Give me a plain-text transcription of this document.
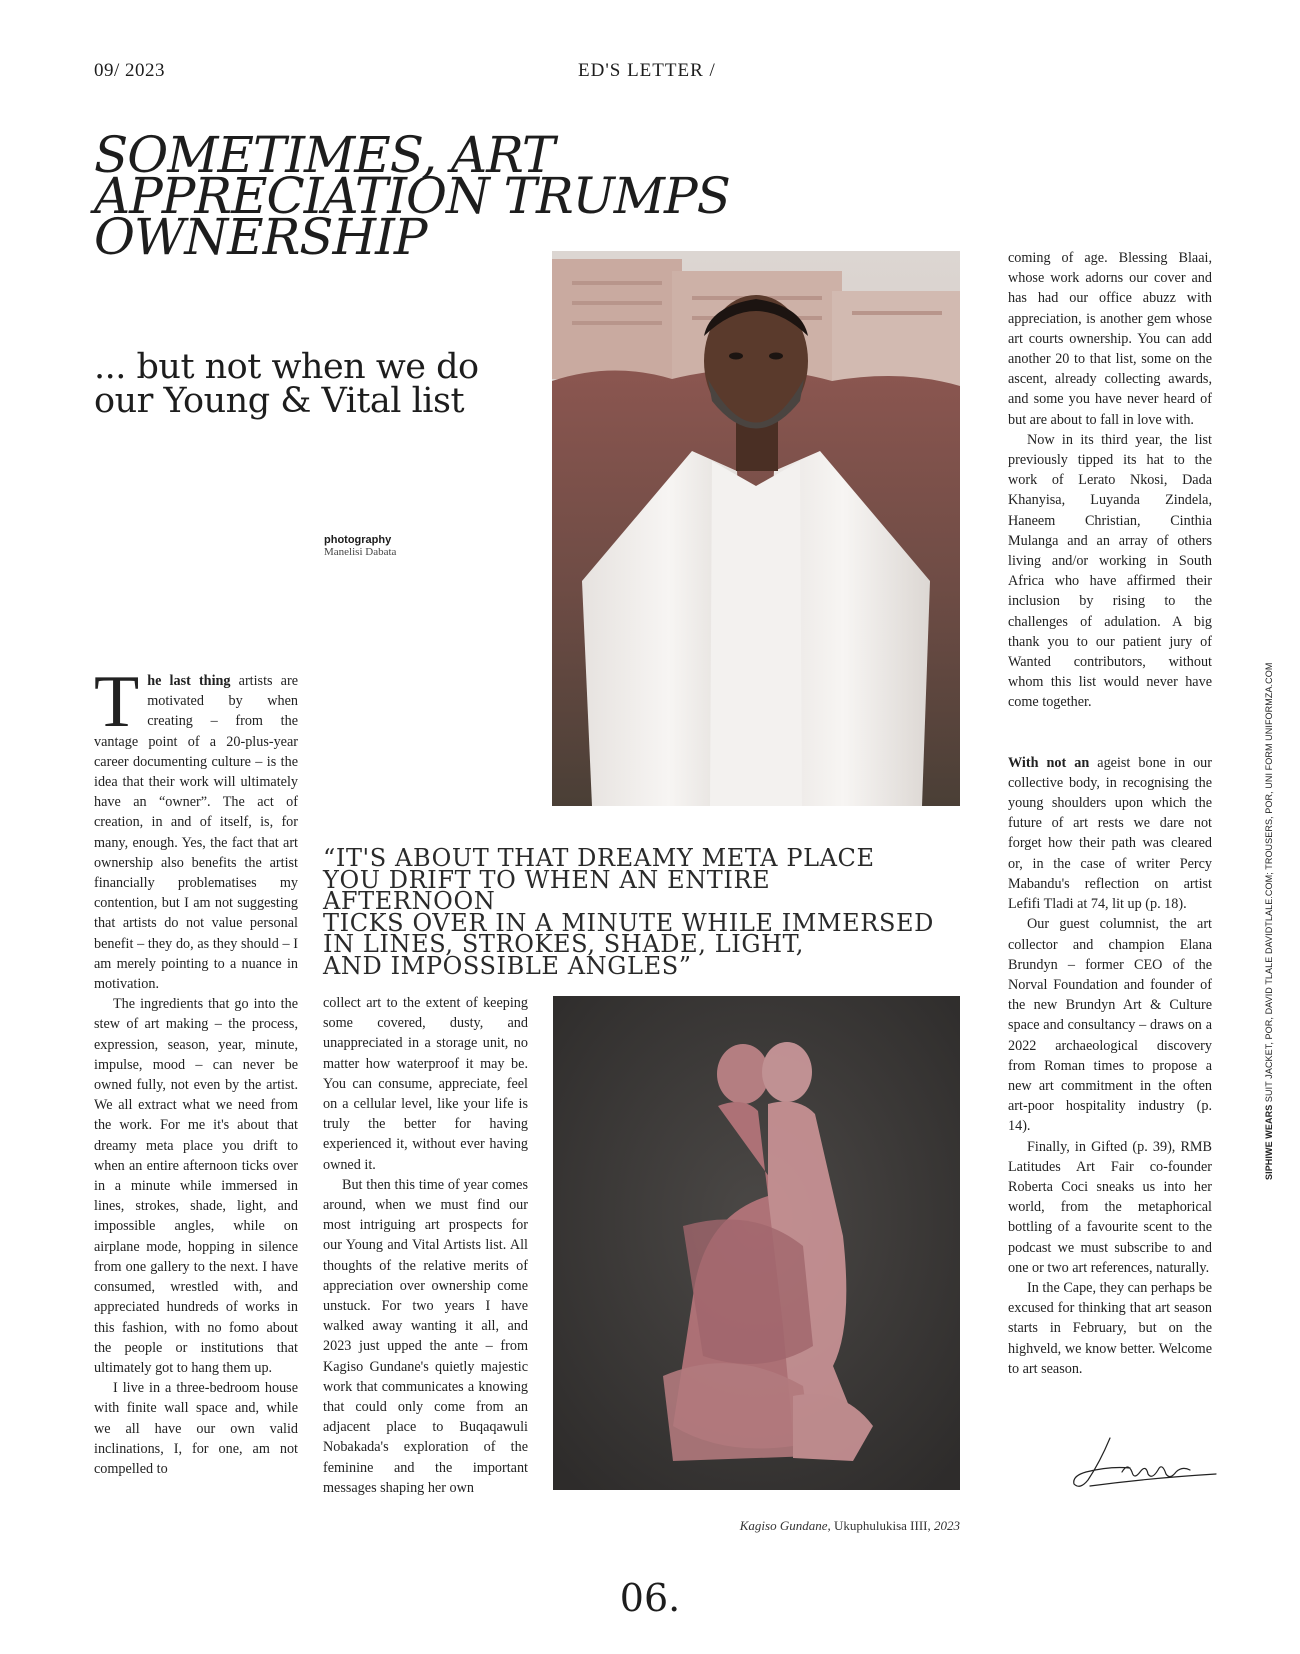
09/ 2023	ED'S LETTER /
SOMETIMES, ART
APPRECIATION TRUMPS
OWNERSHIP
... but not when we do
our Young & Vital list
photography
Manelisi Dabata
“IT'S ABOUT THAT DREAMY META PLACE
YOU DRIFT TO WHEN AN ENTIRE AFTERNOON
TICKS OVER IN A MINUTE WHILE IMMERSED
IN LINES, STROKES, SHADE, LIGHT,
AND IMPOSSIBLE ANGLES”

The last thing artists are motivated by when creating – from the vantage point of a 20-plus-year career documenting culture – is the idea that their work will ultimately have an “owner”. The act of creation, in and of itself, is, for many, enough. Yes, the fact that art ownership also benefits the artist financially problematises my contention, but I am not suggesting that artists do not value personal benefit – they do, as they should – I am merely pointing to a nuance in motivation.

The ingredients that go into the stew of art making – the process, expression, season, year, minute, impulse, mood – can never be owned fully, not even by the artist. We all extract what we need from the work. For me it's about that dreamy meta place you drift to when an entire afternoon ticks over in a minute while immersed in lines, strokes, shade, light, and impossible angles, while on airplane mode, hopping in silence from one gallery to the next. I have consumed, wrestled with, and appreciated hundreds of works in this fashion, with no fomo about the people or institutions that ultimately got to hang them up.

I live in a three-bedroom house with finite wall space and, while we all have our own valid inclinations, I, for one, am not compelled to

collect art to the extent of keeping some covered, dusty, and unappreciated in a storage unit, no matter how waterproof it may be. You can consume, appreciate, feel on a cellular level, like your life is truly the better for having experienced it, without ever having owned it.

But then this time of year comes around, when we must find our most intriguing art prospects for our Young and Vital Artists list. All thoughts of the relative merits of appreciation over ownership come unstuck. For two years I have walked away wanting it all, and 2023 just upped the ante – from Kagiso Gundane's quietly majestic work that communicates a knowing that could only come from an adjacent place to Buqaqawuli Nobakada's exploration of the feminine and the important messages shaping her own

Kagiso Gundane, Ukuphulukisa IIII, 2023

coming of age. Blessing Blaai, whose work adorns our cover and has had our office abuzz with appreciation, is another gem whose art courts ownership. You can add another 20 to that list, some on the ascent, already collecting awards, and some you have never heard of but are about to fall in love with.

Now in its third year, the list previously tipped its hat to the work of Lerato Nkosi, Dada Khanyisa, Luyanda Zindela, Haneem Christian, Cinthia Mulanga and an array of others living and/or working in South Africa who have affirmed their inclusion by rising to the challenges of adulation. A big thank you to our patient jury of Wanted contributors, without whom this list would never have come together.

With not an ageist bone in our collective body, in recognising the young shoulders upon which the future of art rests we dare not forget how their path was cleared or, in the case of writer Percy Mabandu's reflection on artist Lefifi Tladi at 74, lit up (p. 18).

Our guest columnist, the art collector and champion Elana Brundyn – former CEO of the Norval Foundation and founder of the new Brundyn Art & Culture space and consultancy – draws on a 2022 archaeological discovery from Roman times to propose a new art commitment in the often art-poor hospitality industry (p. 14).

Finally, in Gifted (p. 39), RMB Latitudes Art Fair co-founder Roberta Coci sneaks us into her world, from the metaphorical bottling of a favourite scent to the podcast we must subscribe to and one or two art references, naturally.

In the Cape, they can perhaps be excused for thinking that art season starts in February, but on the highveld, we know better. Welcome to art season.

SIPHIWE WEARS SUIT JACKET, POR, DAVID TLALE DAVIDTLALE.COM; TROUSERS, POR, UNI FORM UNIFORMZA.COM
06.
